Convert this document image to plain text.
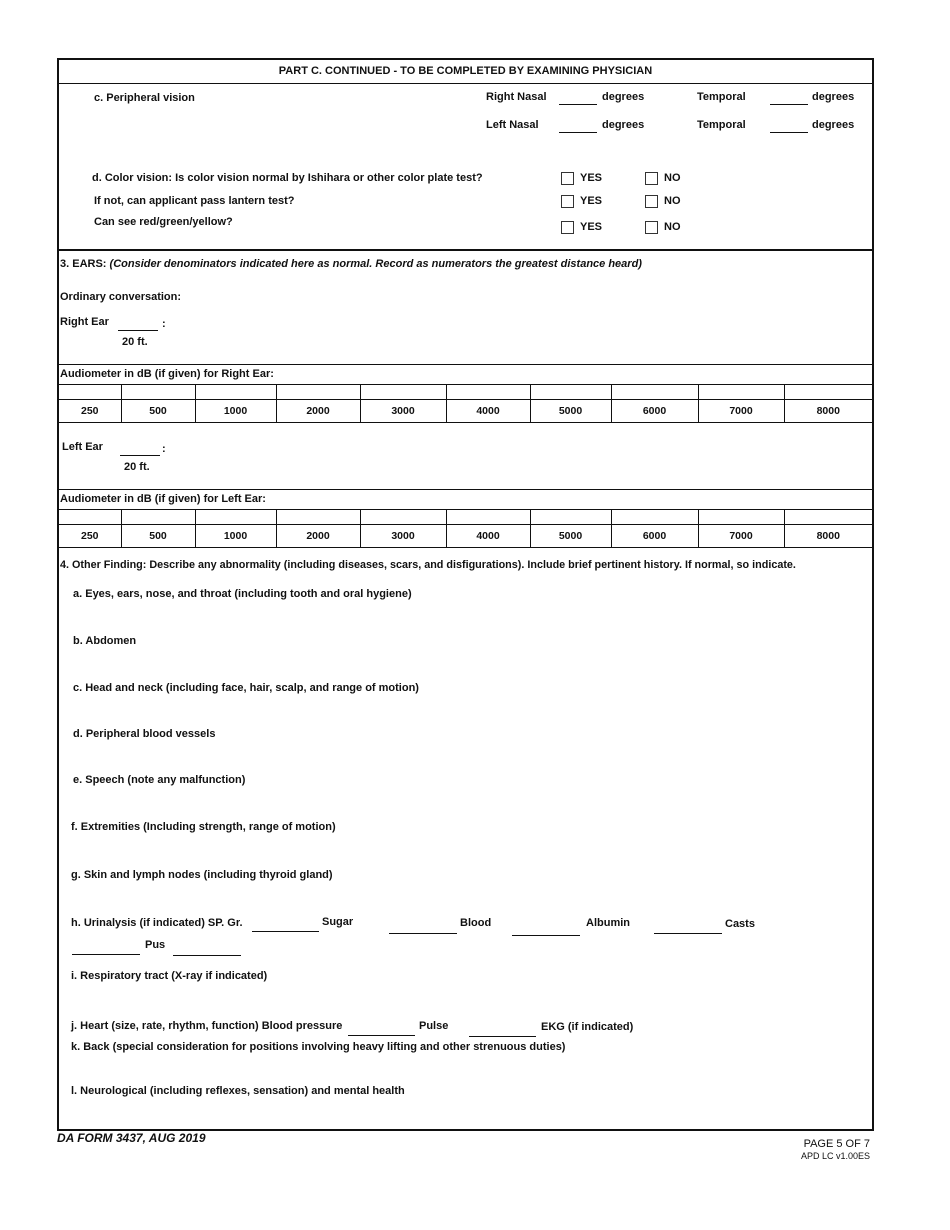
PART C. CONTINUED - TO BE COMPLETED BY EXAMINING PHYSICIAN
c. Peripheral vision	Right Nasal	degrees	Temporal	degrees
Left Nasal	degrees	Temporal	degrees
d. Color vision: Is color vision normal by Ishihara or other color plate test?	YES	NO
If not, can applicant pass lantern test?	YES	NO
Can see red/green/yellow?	YES	NO
3. EARS: (Consider denominators indicated here as normal. Record as numerators the greatest distance heard)
Ordinary conversation:
Right Ear	:
20 ft.
Audiometer in dB (if given) for Right Ear:

250	500	1000	2000	3000	4000	5000	6000	7000	8000
Left Ear	:
20 ft.
Audiometer in dB (if given) for Left Ear:

250	500	1000	2000	3000	4000	5000	6000	7000	8000
4. Other Finding: Describe any abnormality (including diseases, scars, and disfigurations). Include brief pertinent history. If normal, so indicate.
a. Eyes, ears, nose, and throat (including tooth and oral hygiene)
b. Abdomen
c. Head and neck (including face, hair, scalp, and range of motion)
d. Peripheral blood vessels
e. Speech (note any malfunction)
f. Extremities (Including strength, range of motion)
g. Skin and lymph nodes (including thyroid gland)
h. Urinalysis (if indicated) SP. Gr.	Sugar	Blood	Albumin	Casts
Pus
i. Respiratory tract (X-ray if indicated)
j. Heart (size, rate, rhythm, function) Blood pressure	Pulse	EKG (if indicated)
k. Back (special consideration for positions involving heavy lifting and other strenuous duties)
l. Neurological (including reflexes, sensation) and mental health
DA FORM 3437, AUG 2019	PAGE 5 OF 7
APD LC v1.00ES
